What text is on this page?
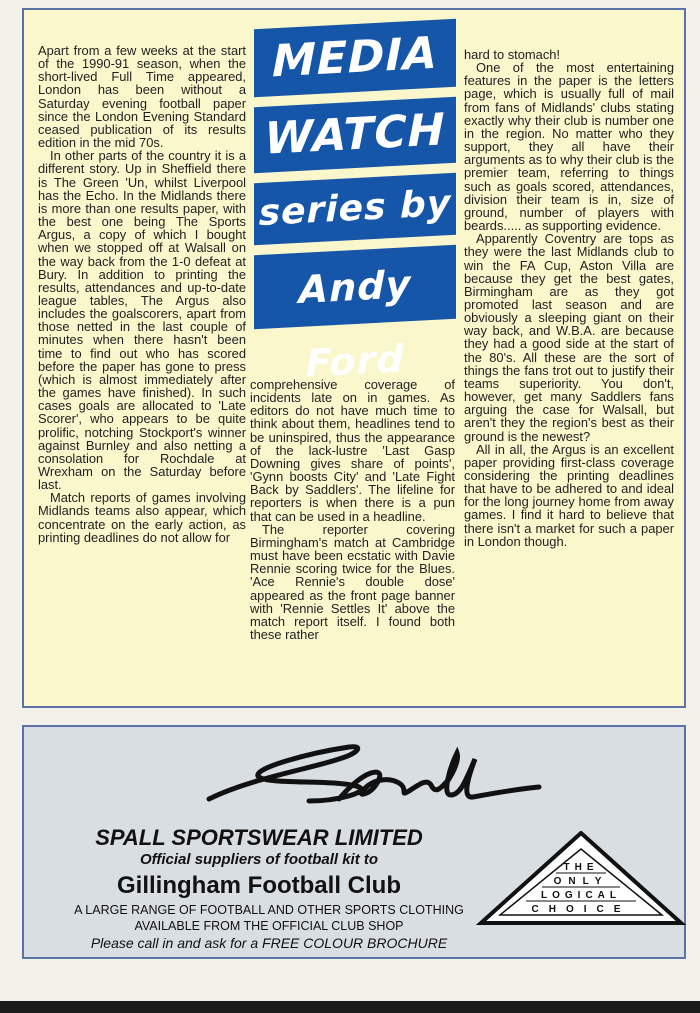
MEDIA
WATCH
series by
Andy Ford

Apart from a few weeks at the start of the 1990-91 season, when the short-lived Full Time appeared, London has been without a Saturday evening football paper since the London Evening Standard ceased publication of its results edition in the mid 70s.

In other parts of the country it is a different story. Up in Sheffield there is The Green 'Un, whilst Liverpool has the Echo. In the Midlands there is more than one results paper, with the best one being The Sports Argus, a copy of which I bought when we stopped off at Walsall on the way back from the 1-0 defeat at Bury. In addition to printing the results, attendances and up-to-date league tables, The Argus also includes the goalscorers, apart from those netted in the last couple of minutes when there hasn't been time to find out who has scored before the paper has gone to press (which is almost immediately after the games have finished). In such cases goals are allocated to 'Late Scorer', who appears to be quite prolific, notching Stockport's winner against Burnley and also netting a consolation for Rochdale at Wrexham on the Saturday before last.

Match reports of games involving Midlands teams also appear, which concentrate on the early action, as printing deadlines do not allow for

comprehensive coverage of incidents late on in games. As editors do not have much time to think about them, headlines tend to be uninspired, thus the appearance of the lack-lustre 'Last Gasp Downing gives share of points', 'Gynn boosts City' and 'Late Fight Back by Saddlers'. The lifeline for reporters is when there is a pun that can be used in a headline.

The reporter covering Birmingham's match at Cambridge must have been ecstatic with Davie Rennie scoring twice for the Blues. 'Ace Rennie's double dose' appeared as the front page banner with 'Rennie Settles It' above the match report itself. I found both these rather

hard to stomach!

One of the most entertaining features in the paper is the letters page, which is usually full of mail from fans of Midlands' clubs stating exactly why their club is number one in the region. No matter who they support, they all have their arguments as to why their club is the premier team, referring to things such as goals scored, attendances, division their team is in, size of ground, number of players with beards..... as supporting evidence.

Apparently Coventry are tops as they were the last Midlands club to win the FA Cup, Aston Villa are because they get the best gates, Birmingham are as they got promoted last season and are obviously a sleeping giant on their way back, and W.B.A. are because they had a good side at the start of the 80's. All these are the sort of things the fans trot out to justify their teams superiority. You don't, however, get many Saddlers fans arguing the case for Walsall, but aren't they the region's best as their ground is the newest?

All in all, the Argus is an excellent paper providing first-class coverage considering the printing deadlines that have to be adhered to and ideal for the long journey home from away games. I find it hard to believe that there isn't a market for such a paper in London though.

SPALL SPORTSWEAR LIMITED
Official suppliers of football kit to
Gillingham Football Club
A LARGE RANGE OF FOOTBALL AND OTHER SPORTS CLOTHING
AVAILABLE FROM THE OFFICIAL CLUB SHOP
Please call in and ask for a FREE COLOUR BROCHURE
THE
ONLY
LOGICAL
CHOICE
